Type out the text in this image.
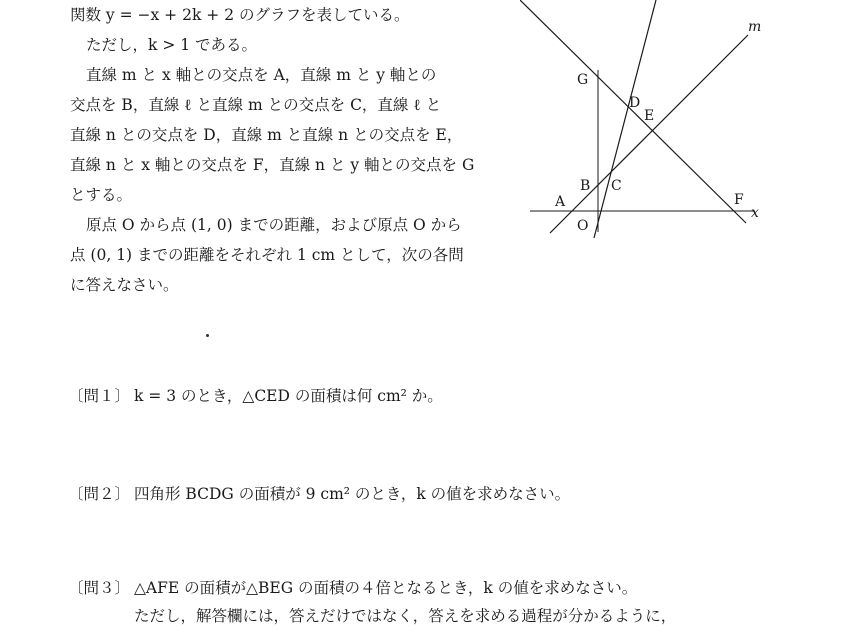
関数 y = −x + 2k + 2 のグラフを表している。

ただし，k > 1 である。

直線 m と x 軸との交点を A，直線 m と y 軸との

交点を B，直線 ℓ と直線 m との交点を C，直線 ℓ と

直線 n との交点を D，直線 m と直線 n との交点を E，

直線 n と x 軸との交点を F，直線 n と y 軸との交点を G

とする。

原点 O から点 (1, 0) までの距離，および原点 O から

点 (0, 1) までの距離をそれぞれ 1 cm として，次の各問

に答えなさい。

G
D
E
B C
A	F
O
x
m
〔問１〕 k = 3 のとき，△CED の面積は何 cm² か。
〔問２〕 四角形 BCDG の面積が 9 cm² のとき，k の値を求めなさい。
〔問３〕 △AFE の面積が△BEG の面積の４倍となるとき，k の値を求めなさい。
ただし，解答欄には，答えだけではなく，答えを求める過程が分かるように，
